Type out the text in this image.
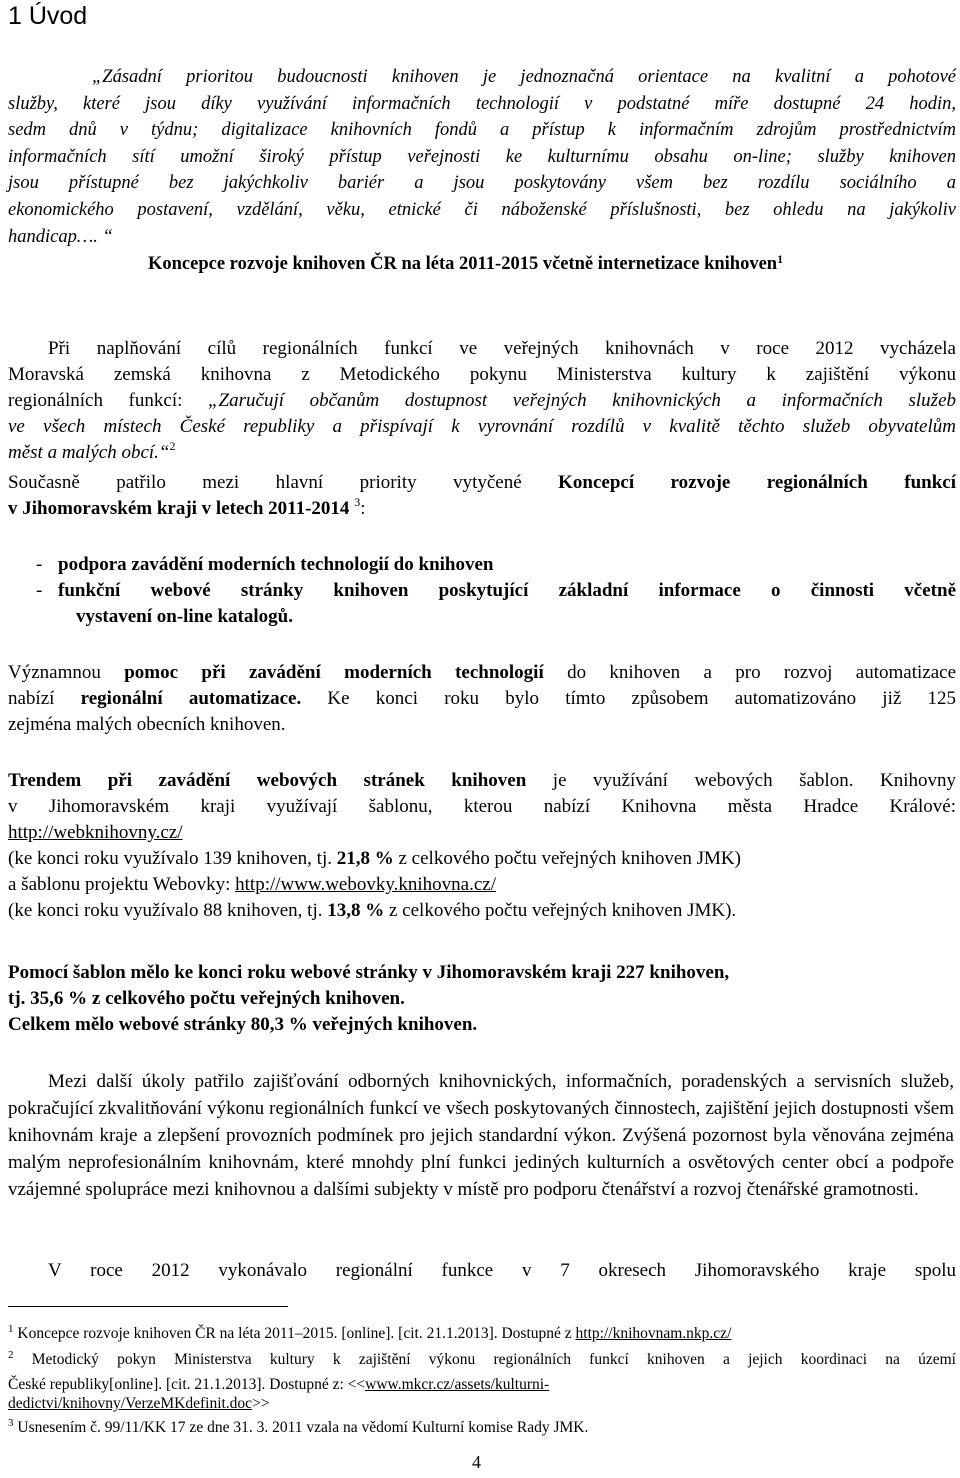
1 Úvod
„Zásadní prioritou budoucnosti knihoven je jednoznačná orientace na kvalitní a pohotové
služby, které jsou díky využívání informačních technologií v podstatné míře dostupné 24 hodin,
sedm dnů v týdnu; digitalizace knihovních fondů a přístup k informačním zdrojům prostřednictvím
informačních sítí umožní široký přístup veřejnosti ke kulturnímu obsahu on-line; služby knihoven
jsou přístupné bez jakýchkoliv bariér a jsou poskytovány všem bez rozdílu sociálního a
ekonomického postavení, vzdělání, věku, etnické či náboženské příslušnosti, bez ohledu na jakýkoliv
handicap…. “
Koncepce rozvoje knihoven ČR na léta 2011-2015 včetně internetizace knihoven$^1$
Při naplňování cílů regionálních funkcí ve veřejných knihovnách v roce 2012 vycházela
Moravská zemská knihovna z Metodického pokynu Ministerstva kultury k zajištění výkonu
regionálních funkcí: „Zaručují občanům dostupnost veřejných knihovnických a informačních služeb
ve všech místech České republiky a přispívají k vyrovnání rozdílů v kvalitě těchto služeb obyvatelům
měst a malých obcí.“$^2$
Současně patřilo mezi hlavní priority vytyčené Koncepcí rozvoje regionálních funkcí
v Jihomoravském kraji v letech 2011-2014 $^3$:
- podpora zavádění moderních technologií do knihoven
- funkční webové stránky knihoven poskytující základní informace o činnosti včetně
vystavení on-line katalogů.
Významnou pomoc při zavádění moderních technologií do knihoven a pro rozvoj automatizace
nabízí regionální automatizace. Ke konci roku bylo tímto způsobem automatizováno již 125
zejména malých obecních knihoven.
Trendem při zavádění webových stránek knihoven je využívání webových šablon. Knihovny
v Jihomoravském kraji využívají šablonu, kterou nabízí Knihovna města Hradce Králové:
http://webknihovny.cz/
(ke konci roku využívalo 139 knihoven, tj. 21,8 % z celkového počtu veřejných knihoven JMK)
a šablonu projektu Webovky: http://www.webovky.knihovna.cz/
(ke konci roku využívalo 88 knihoven, tj. 13,8 % z celkového počtu veřejných knihoven JMK).
Pomocí šablon mělo ke konci roku webové stránky v Jihomoravském kraji 227 knihoven,
tj. 35,6 % z celkového počtu veřejných knihoven.
Celkem mělo webové stránky 80,3 % veřejných knihoven.
Mezi další úkoly patřilo zajišťování odborných knihovnických, informačních, poradenských a servisních služeb, pokračující zkvalitňování výkonu regionálních funkcí ve všech poskytovaných činnostech, zajištění jejich dostupnosti všem knihovnám kraje a zlepšení provozních podmínek pro jejich standardní výkon. Zvýšená pozornost byla věnována zejména malým neprofesionálním knihovnám, které mnohdy plní funkci jediných kulturních a osvětových center obcí a podpoře vzájemné spolupráce mezi knihovnou a dalšími subjekty v místě pro podporu čtenářství a rozvoj čtenářské gramotnosti.
V roce 2012 vykonávalo regionální funkce v 7 okresech Jihomoravského kraje spolu
$^1$ Koncepce rozvoje knihoven ČR na léta 2011–2015. [online]. [cit. 21.1.2013]. Dostupné z http://knihovnam.nkp.cz/
$^2$ Metodický pokyn Ministerstva kultury k zajištění výkonu regionálních funkcí knihoven a jejich koordinaci na území
České republiky[online]. [cit. 21.1.2013]. Dostupné z: <<www.mkcr.cz/assets/kulturni-
dedictvi/knihovny/VerzeMKdefinit.doc>>
$^3$ Usnesením č. 99/11/KK 17 ze dne 31. 3. 2011 vzala na vědomí Kulturní komise Rady JMK.
4
